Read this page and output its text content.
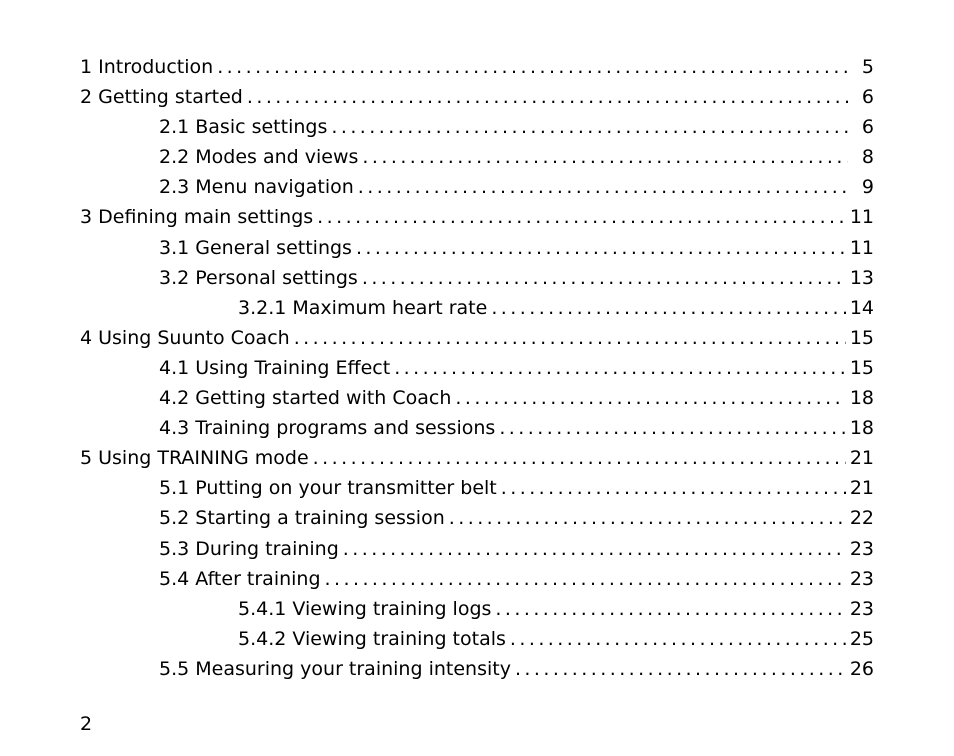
1 Introduction . . .	5
2 Getting started . . .	6
2.1 Basic settings . . .	6
2.2 Modes and views . . .	8
2.3 Menu navigation . . .	9
3 Defining main settings . . .	11
3.1 General settings . . .	11
3.2 Personal settings . . .	13
3.2.1 Maximum heart rate . . .	14
4 Using Suunto Coach . . .	15
4.1 Using Training Effect . . .	15
4.2 Getting started with Coach . . .	18
4.3 Training programs and sessions . . .	18
5 Using TRAINING mode . . .	21
5.1 Putting on your transmitter belt . . .	21
5.2 Starting a training session . . .	22
5.3 During training . . .	23
5.4 After training . . .	23
5.4.1 Viewing training logs . . .	23
5.4.2 Viewing training totals . . .	25
5.5 Measuring your training intensity . . .	26
2
